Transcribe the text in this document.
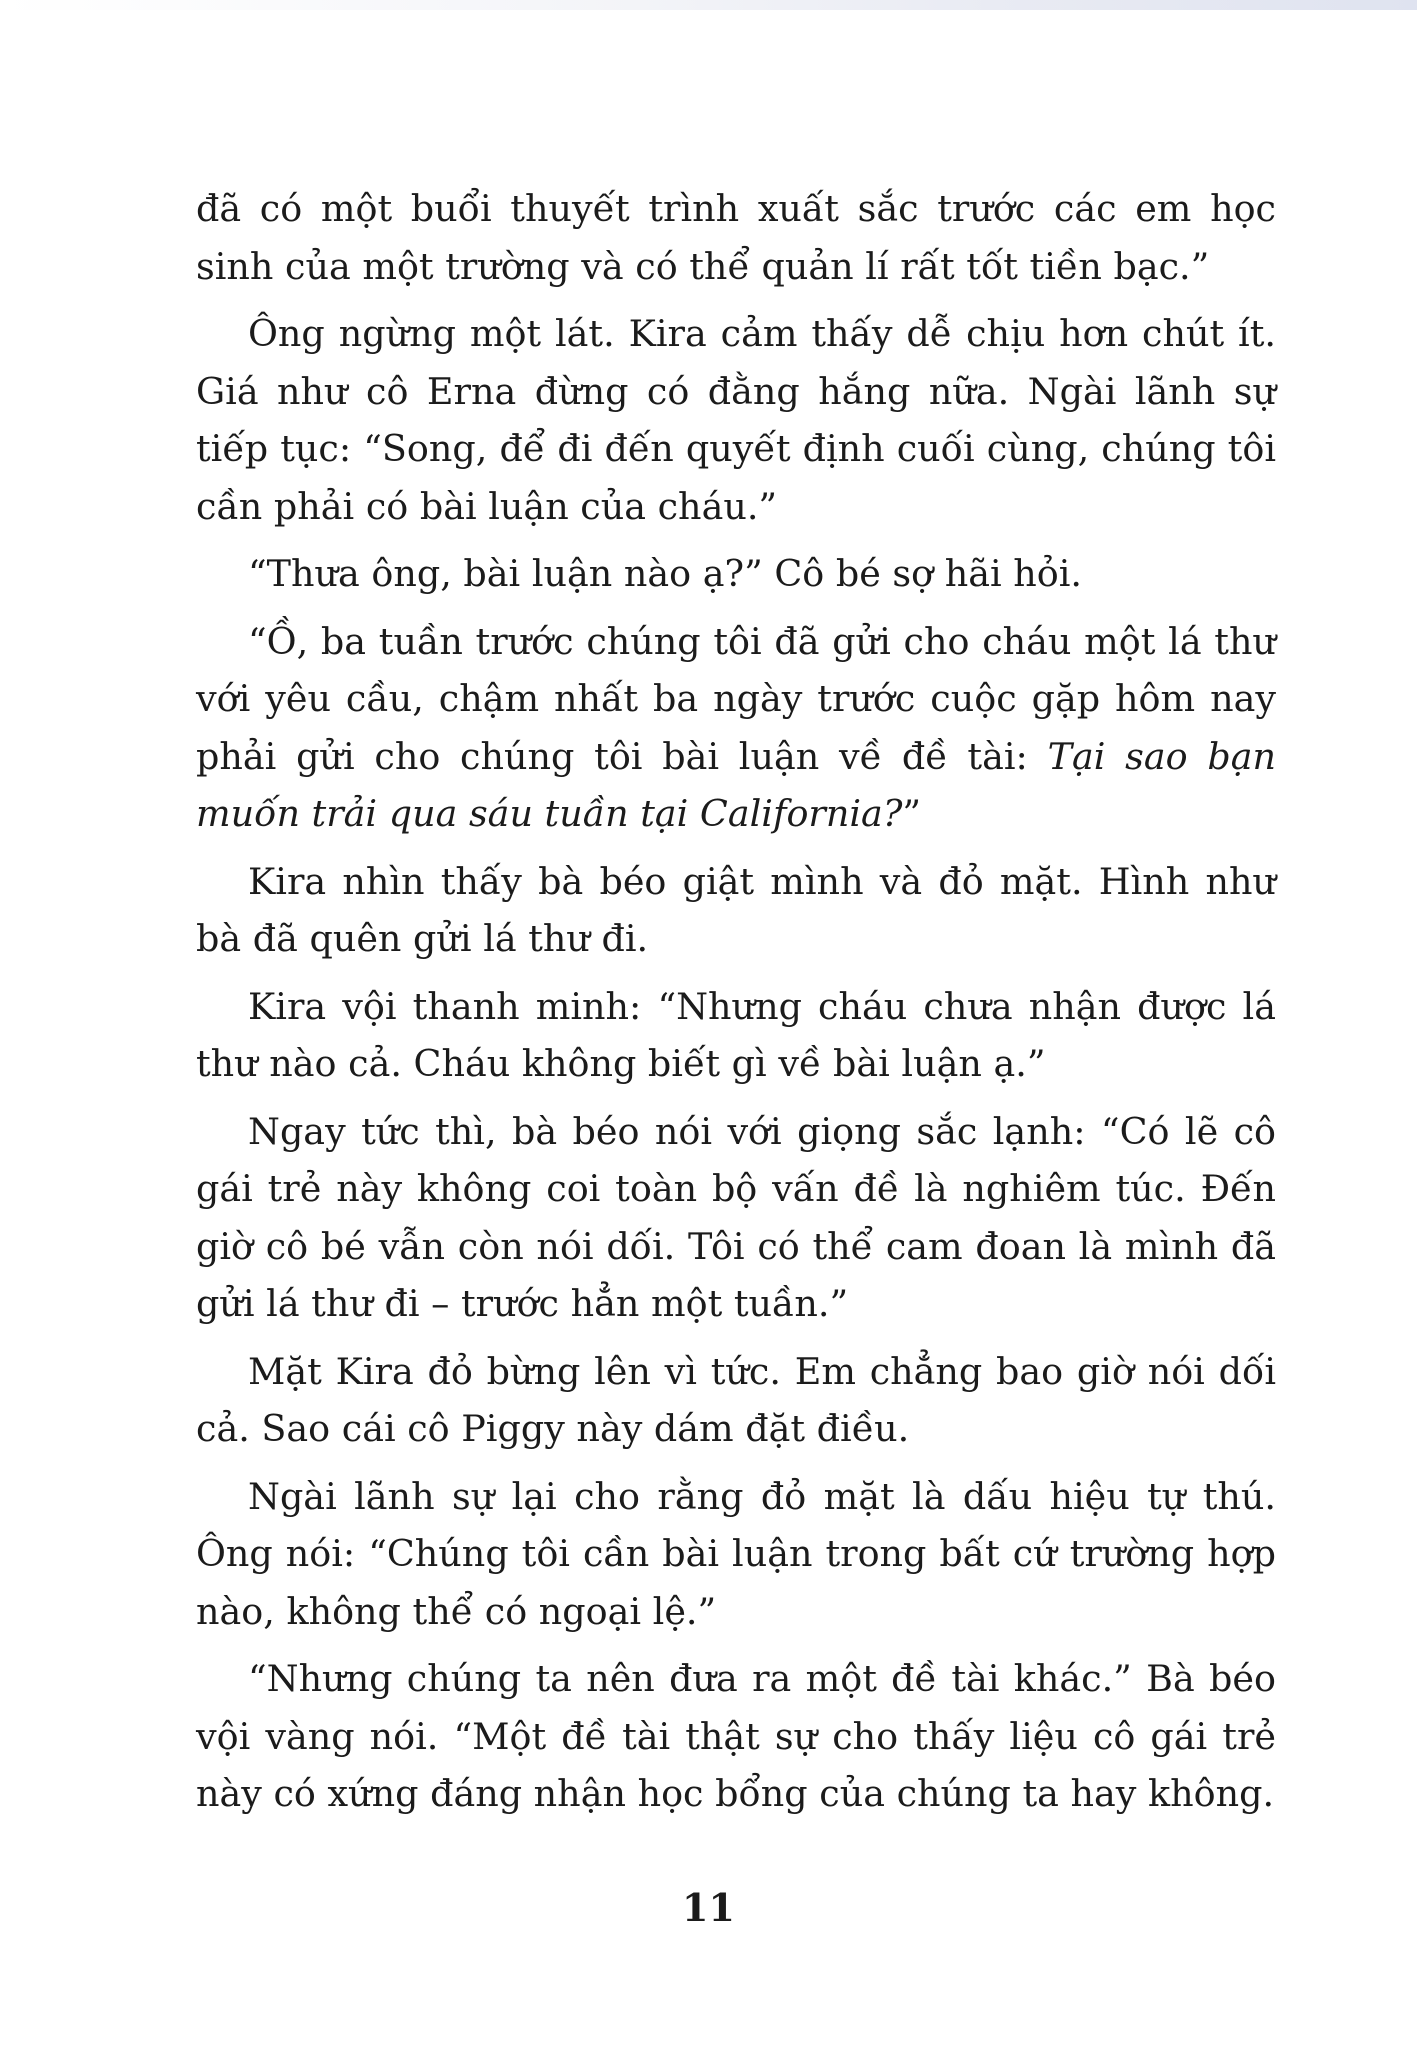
đã có một buổi thuyết trình xuất sắc trước các em học sinh của một trường và có thể quản lí rất tốt tiền bạc.”

Ông ngừng một lát. Kira cảm thấy dễ chịu hơn chút ít. Giá như cô Erna đừng có đằng hắng nữa. Ngài lãnh sự tiếp tục: “Song, để đi đến quyết định cuối cùng, chúng tôi cần phải có bài luận của cháu.”

“Thưa ông, bài luận nào ạ?” Cô bé sợ hãi hỏi.

“Ồ, ba tuần trước chúng tôi đã gửi cho cháu một lá thư với yêu cầu, chậm nhất ba ngày trước cuộc gặp hôm nay phải gửi cho chúng tôi bài luận về đề tài: Tại sao bạn muốn trải qua sáu tuần tại California?”

Kira nhìn thấy bà béo giật mình và đỏ mặt. Hình như bà đã quên gửi lá thư đi.

Kira vội thanh minh: “Nhưng cháu chưa nhận được lá thư nào cả. Cháu không biết gì về bài luận ạ.”

Ngay tức thì, bà béo nói với giọng sắc lạnh: “Có lẽ cô gái trẻ này không coi toàn bộ vấn đề là nghiêm túc. Đến giờ cô bé vẫn còn nói dối. Tôi có thể cam đoan là mình đã gửi lá thư đi – trước hẳn một tuần.”

Mặt Kira đỏ bừng lên vì tức. Em chẳng bao giờ nói dối cả. Sao cái cô Piggy này dám đặt điều.

Ngài lãnh sự lại cho rằng đỏ mặt là dấu hiệu tự thú. Ông nói: “Chúng tôi cần bài luận trong bất cứ trường hợp nào, không thể có ngoại lệ.”

“Nhưng chúng ta nên đưa ra một đề tài khác.” Bà béo vội vàng nói. “Một đề tài thật sự cho thấy liệu cô gái trẻ này có xứng đáng nhận học bổng của chúng ta hay không.

11
